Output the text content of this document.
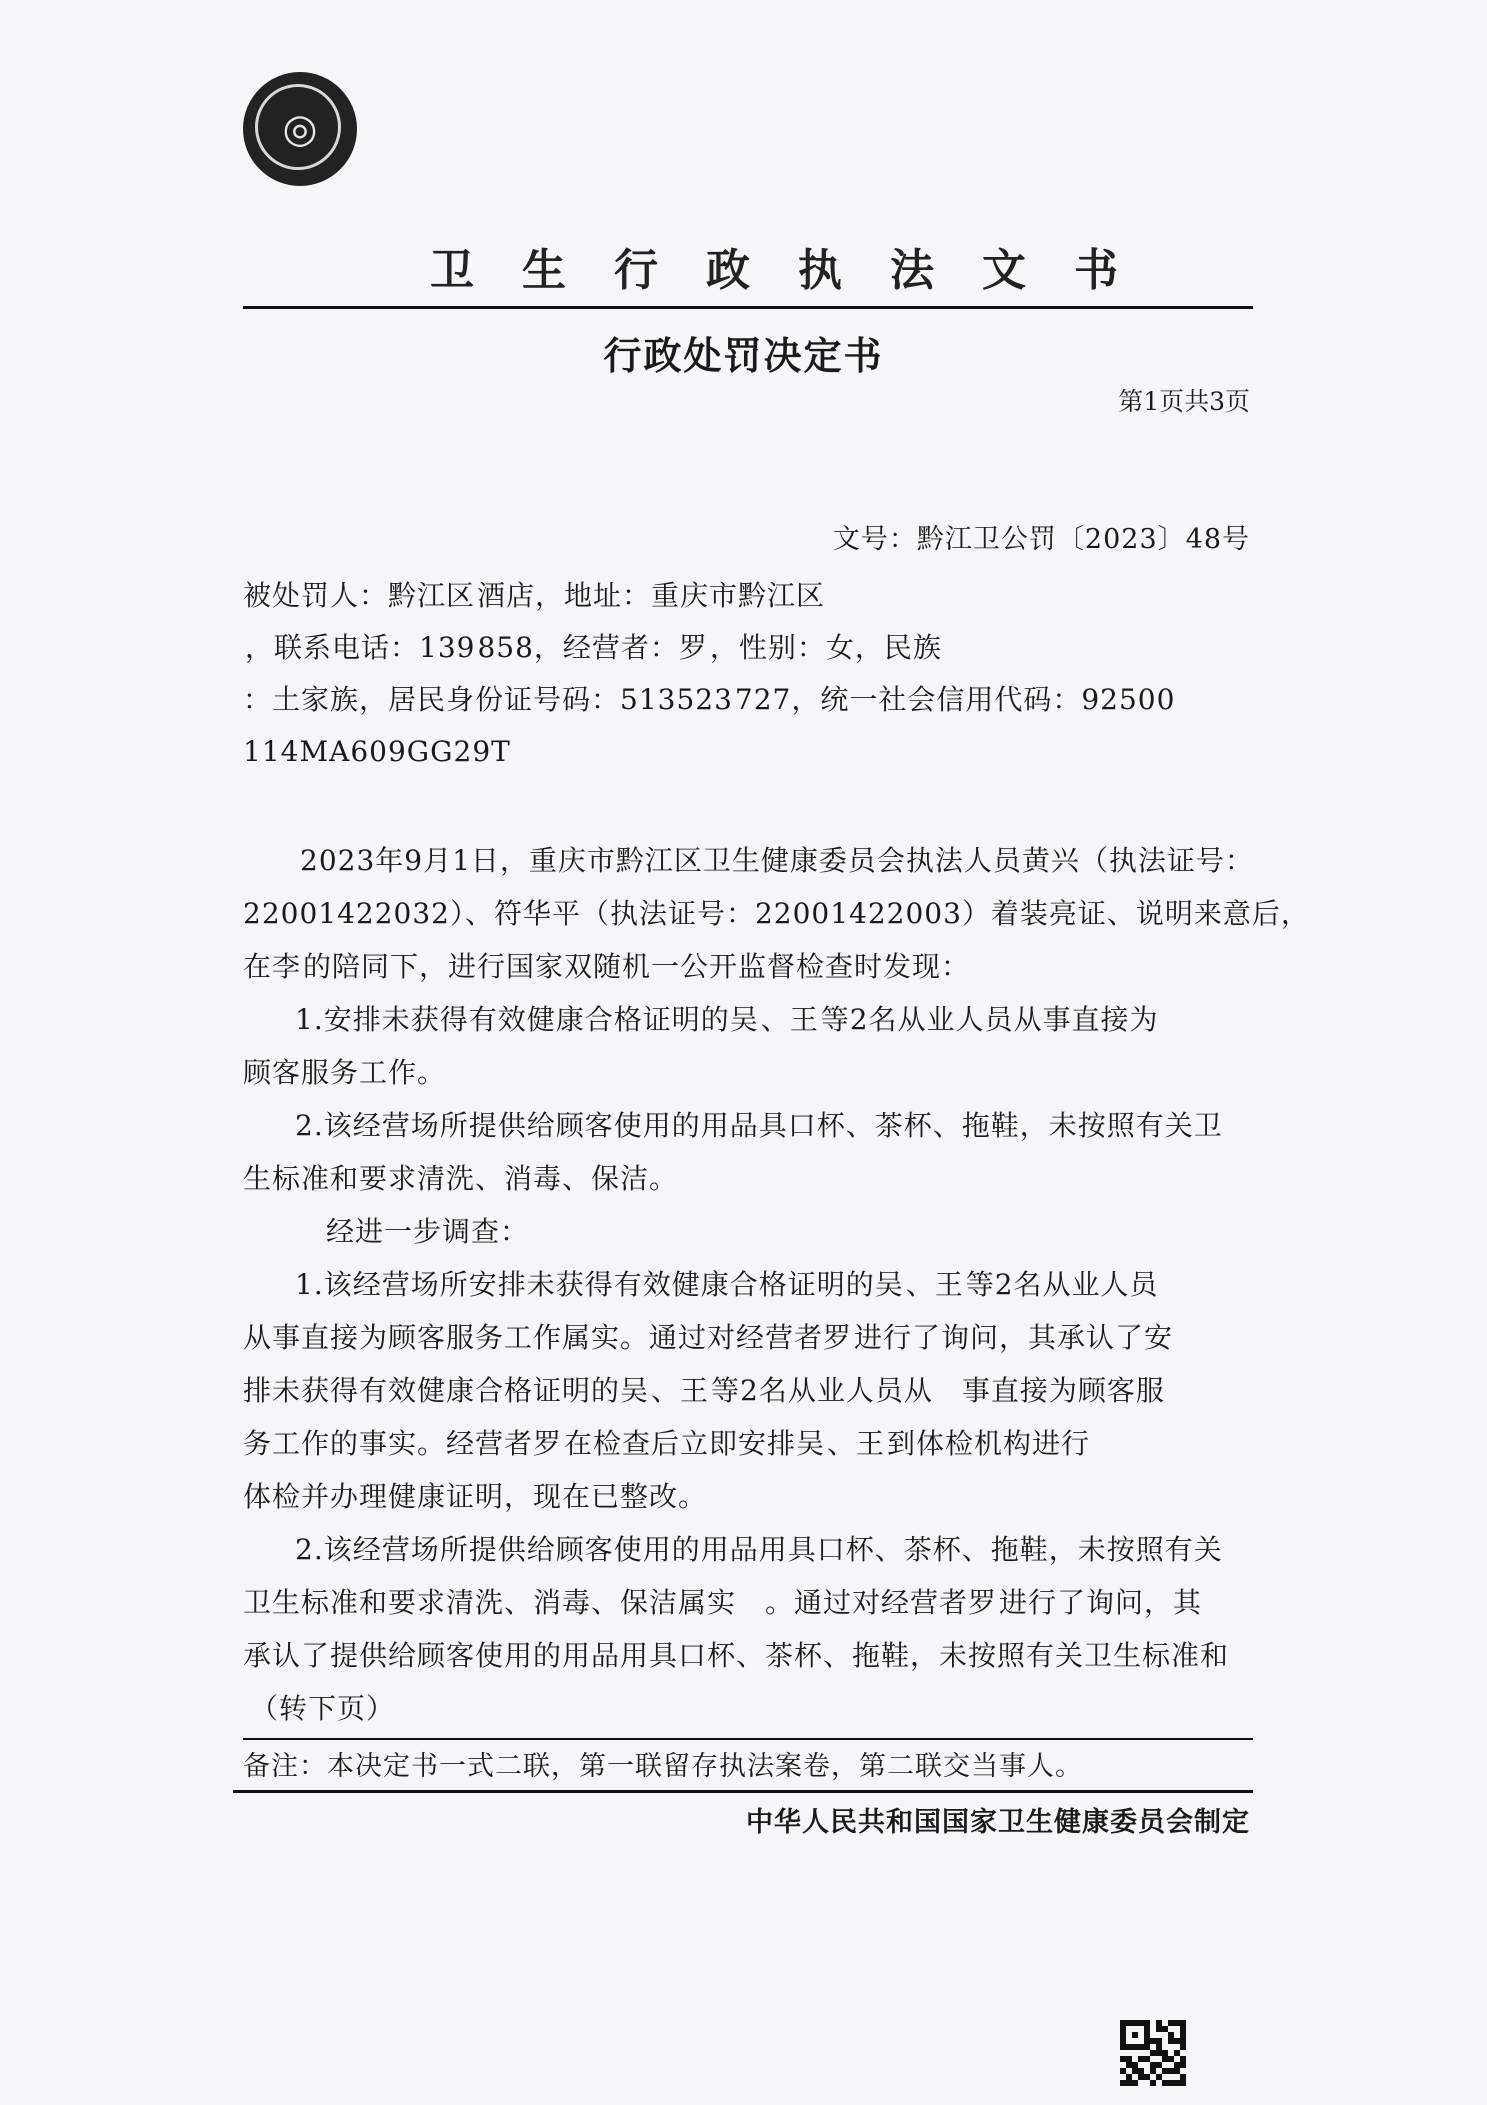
◎
卫生行政执法文书
行政处罚决定书
第1页共3页
文号：黔江卫公罚〔2023〕48号
被处罚人：黔江区酒店，地址：重庆市黔江区
，联系电话：139858，经营者：罗，性别：女，民族
：土家族，居民身份证号码：513523727，统一社会信用代码：92500
114MA609GG29T
2023年9月1日，重庆市黔江区卫生健康委员会执法人员黄兴（执法证号：
22001422032）、符华平（执法证号：22001422003）着装亮证、说明来意后，
在李的陪同下，进行国家双随机一公开监督检查时发现：
1.安排未获得有效健康合格证明的吴、王等2名从业人员从事直接为
顾客服务工作。
2.该经营场所提供给顾客使用的用品具口杯、茶杯、拖鞋，未按照有关卫
生标准和要求清洗、消毒、保洁。
经进一步调查：
1.该经营场所安排未获得有效健康合格证明的吴、王等2名从业人员
从事直接为顾客服务工作属实。通过对经营者罗进行了询问，其承认了安
排未获得有效健康合格证明的吴、王等2名从业人员从　事直接为顾客服
务工作的事实。经营者罗在检查后立即安排吴、王到体检机构进行
体检并办理健康证明，现在已整改。
2.该经营场所提供给顾客使用的用品用具口杯、茶杯、拖鞋，未按照有关
卫生标准和要求清洗、消毒、保洁属实　。通过对经营者罗进行了询问，其
承认了提供给顾客使用的用品用具口杯、茶杯、拖鞋，未按照有关卫生标准和
（转下页）
备注：本决定书一式二联，第一联留存执法案卷，第二联交当事人。
中华人民共和国国家卫生健康委员会制定
